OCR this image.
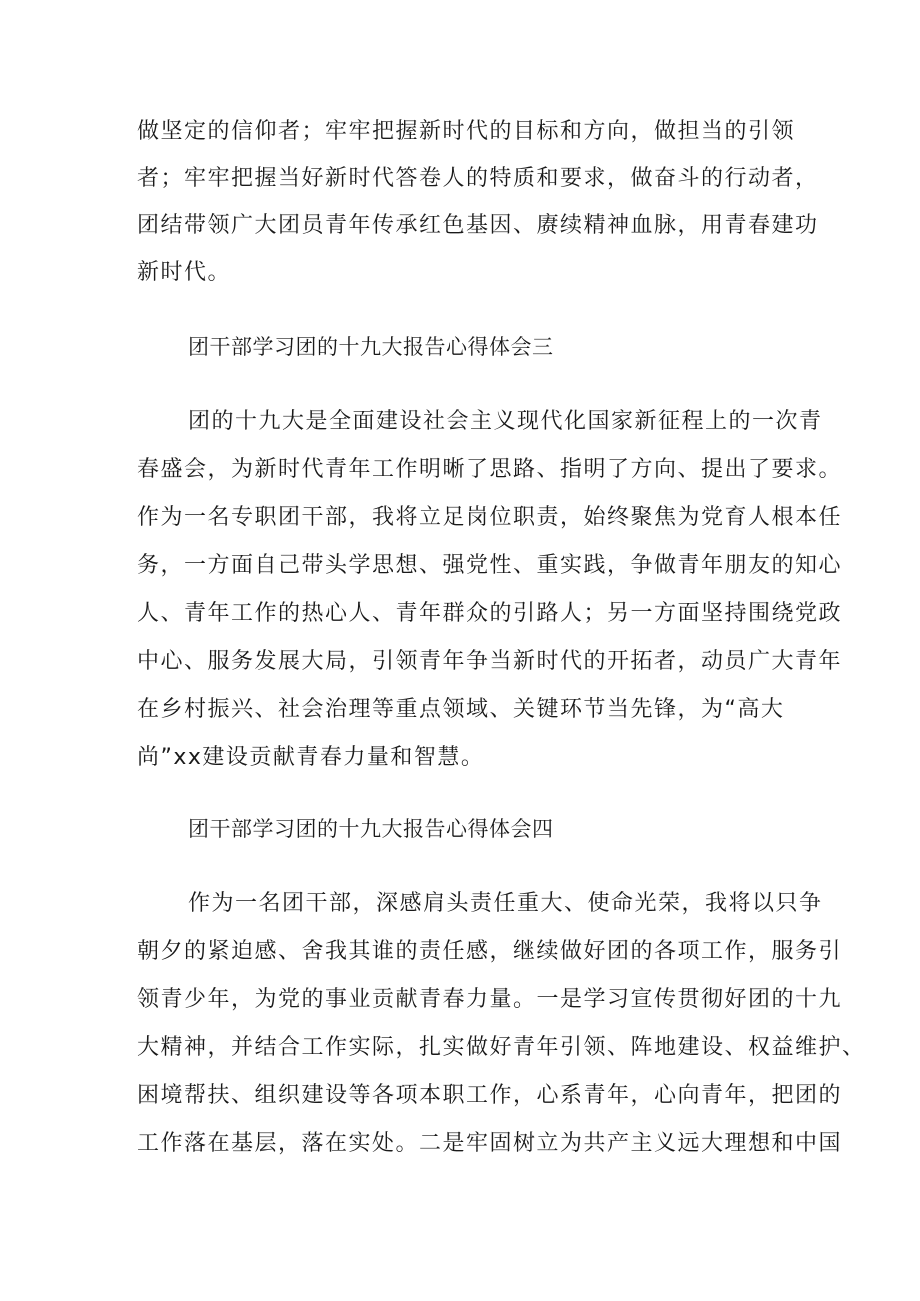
做坚定的信仰者；牢牢把握新时代的目标和方向，做担当的引领
者；牢牢把握当好新时代答卷人的特质和要求，做奋斗的行动者，
团结带领广大团员青年传承红色基因、赓续精神血脉，用青春建功
新时代。
团干部学习团的十九大报告心得体会三
团的十九大是全面建设社会主义现代化国家新征程上的一次青
春盛会，为新时代青年工作明晰了思路、指明了方向、提出了要求。
作为一名专职团干部，我将立足岗位职责，始终聚焦为党育人根本任
务，一方面自己带头学思想、强党性、重实践，争做青年朋友的知心
人、青年工作的热心人、青年群众的引路人；另一方面坚持围绕党政
中心、服务发展大局，引领青年争当新时代的开拓者，动员广大青年
在乡村振兴、社会治理等重点领域、关键环节当先锋，为“高大
尚”xx建设贡献青春力量和智慧。
团干部学习团的十九大报告心得体会四
作为一名团干部，深感肩头责任重大、使命光荣，我将以只争
朝夕的紧迫感、舍我其谁的责任感，继续做好团的各项工作，服务引
领青少年，为党的事业贡献青春力量。一是学习宣传贯彻好团的十九
大精神，并结合工作实际，扎实做好青年引领、阵地建设、权益维护、
困境帮扶、组织建设等各项本职工作，心系青年，心向青年，把团的
工作落在基层，落在实处。二是牢固树立为共产主义远大理想和中国
